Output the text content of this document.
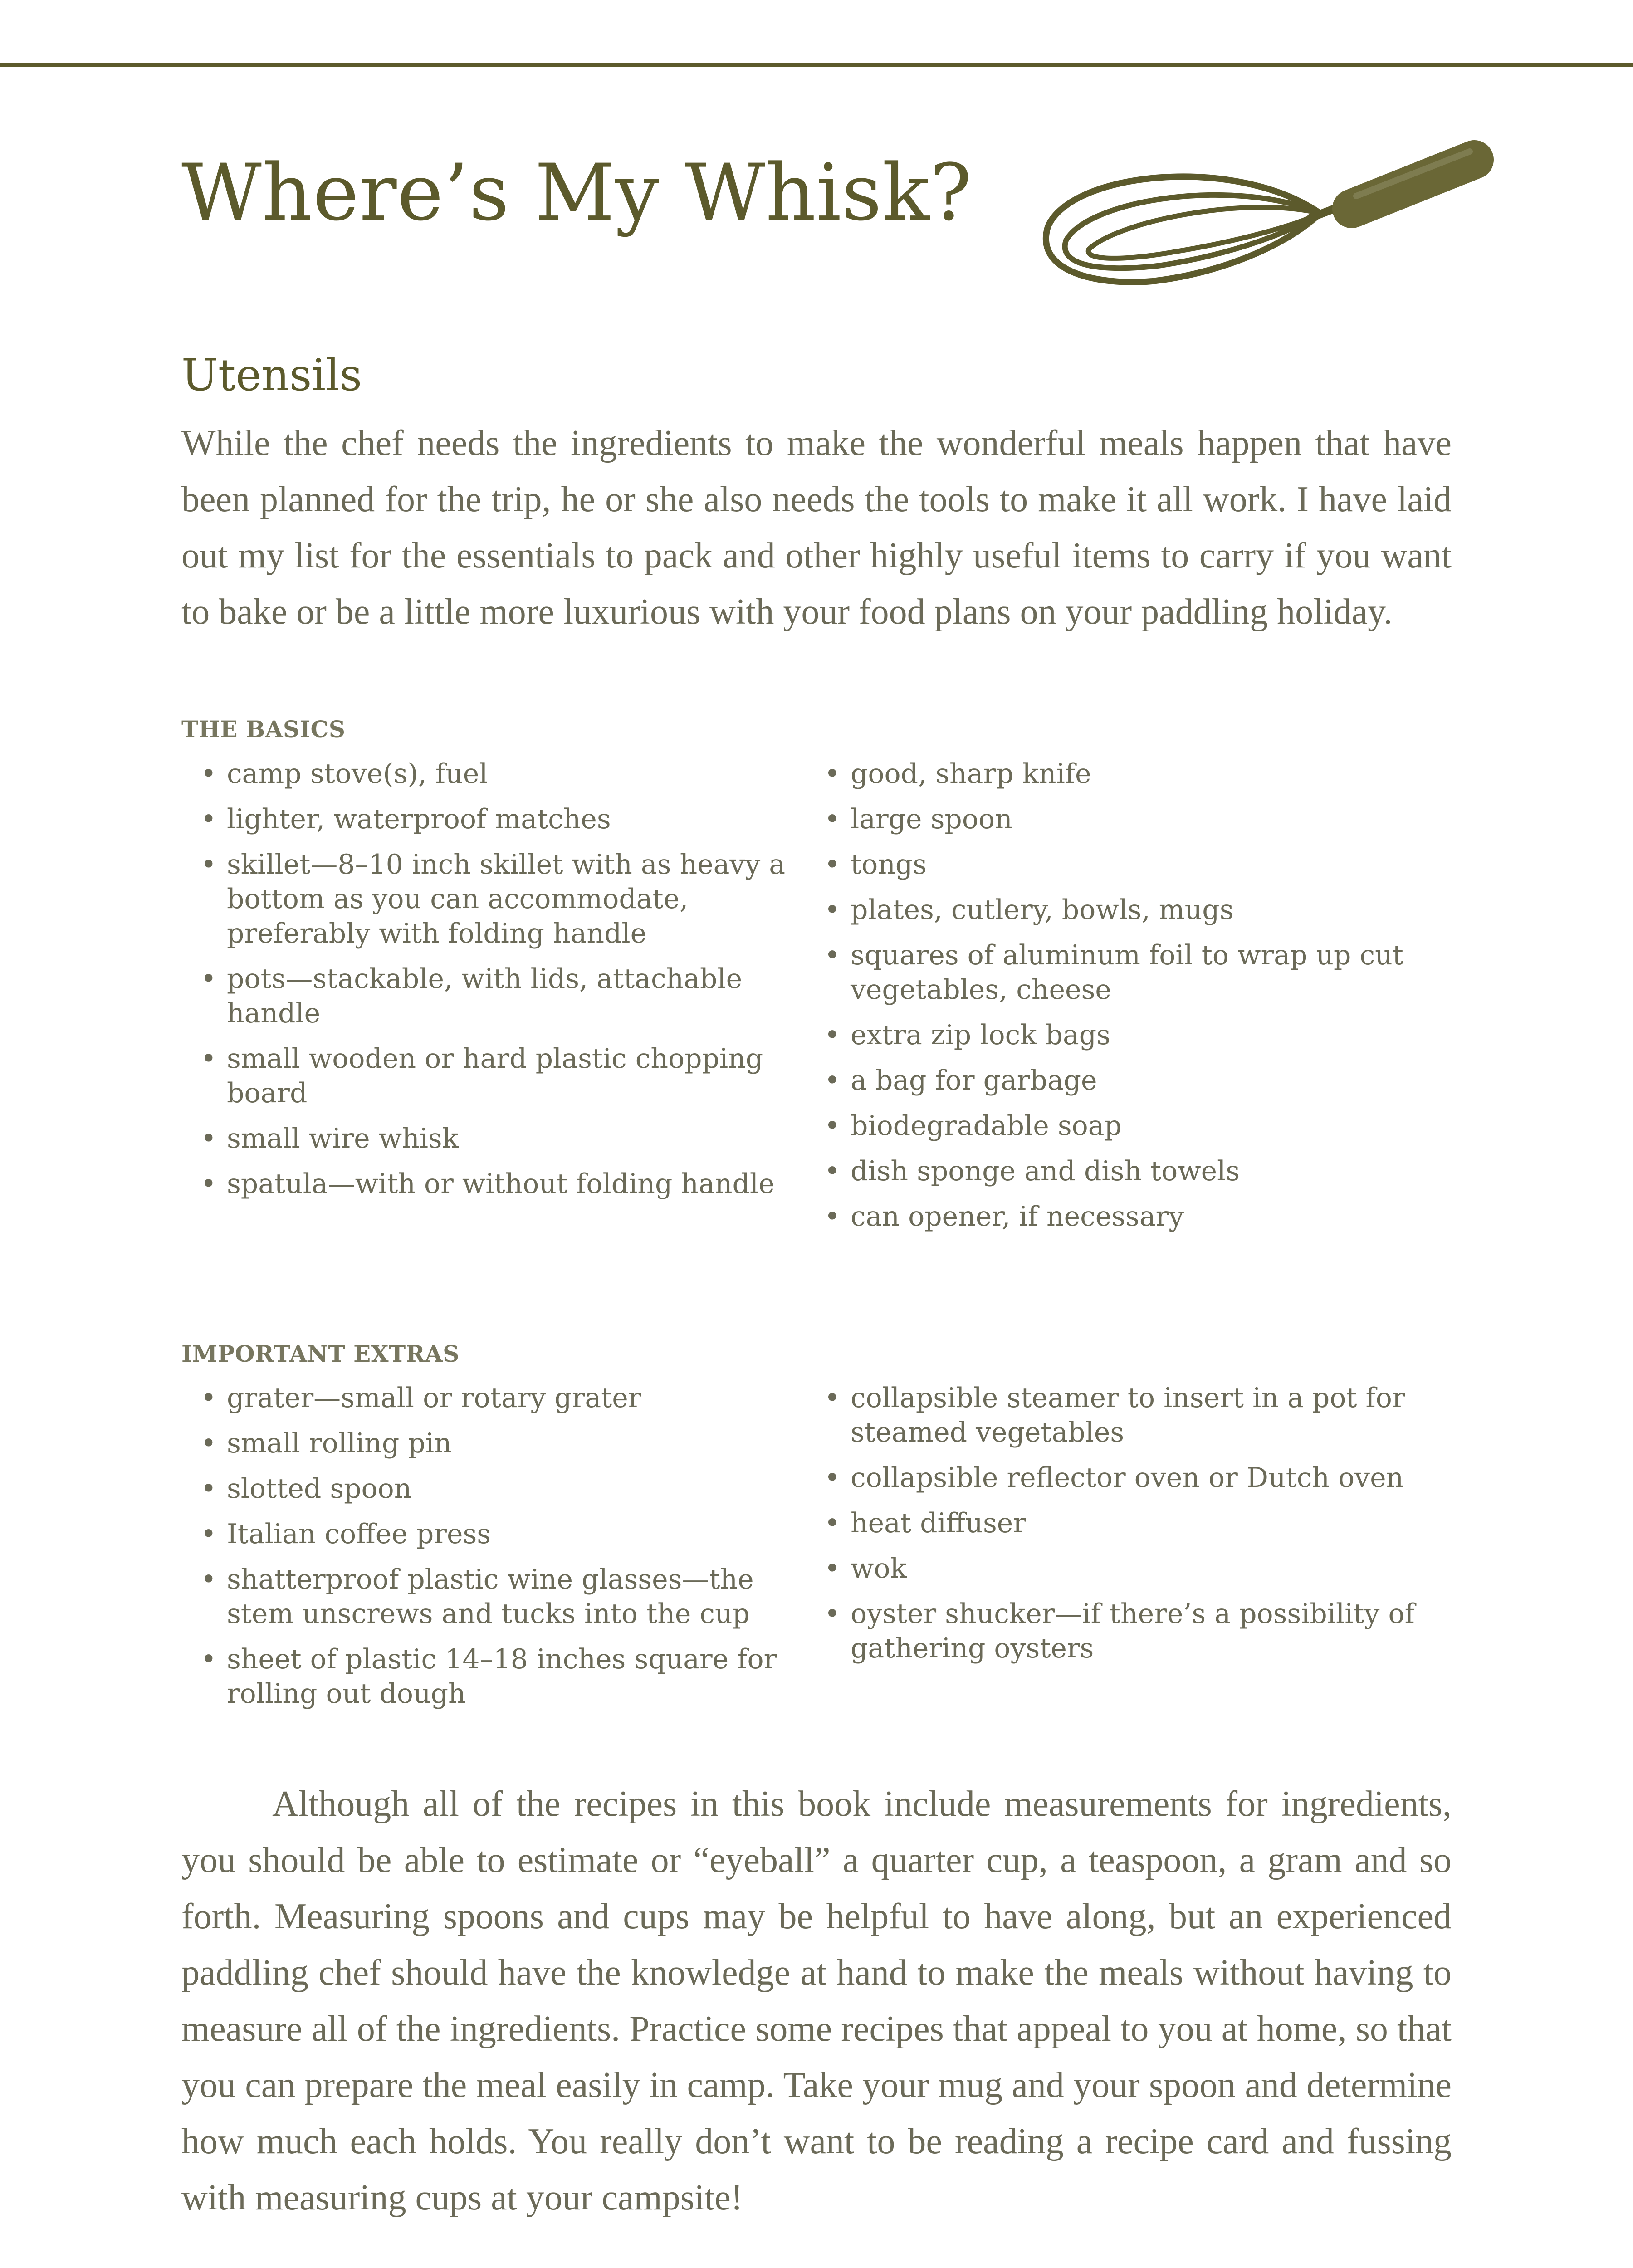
Where’s My Whisk?
Utensils

While the chef needs the ingredients to make the wonderful meals happen that have been planned for the trip, he or she also needs the tools to make it all work. I have laid out my list for the essentials to pack and other highly useful items to carry if you want to bake or be a little more luxurious with your food plans on your paddling holiday.

THE BASICS
• camp stove(s), fuel
• lighter, waterproof matches
• skillet—8–10 inch skillet with as heavy a bottom as you can accommodate, preferably with folding handle
• pots—stackable, with lids, attachable handle
• small wooden or hard plastic chopping board
• small wire whisk
• spatula—with or without folding handle
• good, sharp knife
• large spoon
• tongs
• plates, cutlery, bowls, mugs
• squares of aluminum foil to wrap up cut vegetables, cheese
• extra zip lock bags
• a bag for garbage
• biodegradable soap
• dish sponge and dish towels
• can opener, if necessary
IMPORTANT EXTRAS
• grater—small or rotary grater
• small rolling pin
• slotted spoon
• Italian coffee press
• shatterproof plastic wine glasses—the stem unscrews and tucks into the cup
• sheet of plastic 14–18 inches square for rolling out dough
• collapsible steamer to insert in a pot for steamed vegetables
• collapsible reflector oven or Dutch oven
• heat diffuser
• wok
• oyster shucker—if there’s a possibility of gathering oysters

Although all of the recipes in this book include measurements for ingredients, you should be able to estimate or “eyeball” a quarter cup, a teaspoon, a gram and so forth. Measuring spoons and cups may be helpful to have along, but an experienced paddling chef should have the knowledge at hand to make the meals without having to measure all of the ingredients. Practice some recipes that appeal to you at home, so that you can prepare the meal easily in camp. Take your mug and your spoon and determine how much each holds. You really don’t want to be reading a recipe card and fussing with measuring cups at your campsite!
